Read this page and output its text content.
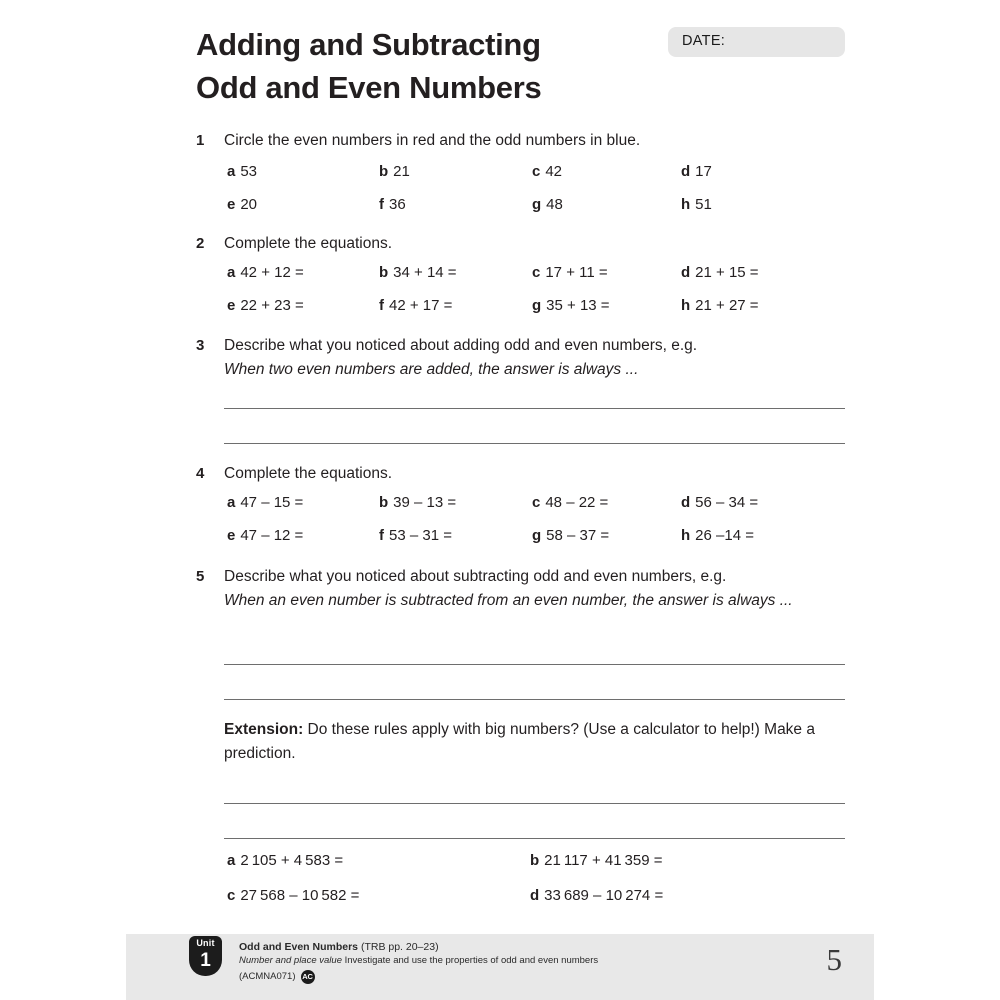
Adding and Subtracting
Odd and Even Numbers
DATE:
1	Circle the even numbers in red and the odd numbers in blue.
a 53	b 21	c 42	d 17
e 20	f 36	g 48	h 51
2	Complete the equations.
a 42 + 12 =	b 34 + 14 =	c 17 + 11 =	d 21 + 15 =
e 22 + 23 =	f 42 + 17 =	g 35 + 13 =	h 21 + 27 =
3	Describe what you noticed about adding odd and even numbers, e.g.
When two even numbers are added, the answer is always ...
4	Complete the equations.
a 47 – 15 =	b 39 – 13 =	c 48 – 22 =	d 56 – 34 =
e 47 – 12 =	f 53 – 31 =	g 58 – 37 =	h 26 –14 =
5	Describe what you noticed about subtracting odd and even numbers, e.g.
When an even number is subtracted from an even number, the answer is always ...
Extension: Do these rules apply with big numbers? (Use a calculator to help!) Make a prediction.
a 2 105 + 4 583 =	b 21 117 + 41 359 =
c 27 568 – 10 582 =	d 33 689 – 10 274 =
Unit
1
Odd and Even Numbers (TRB pp. 20–23)
Number and place value Investigate and use the properties of odd and even numbers
(ACMNA071) AC	5
